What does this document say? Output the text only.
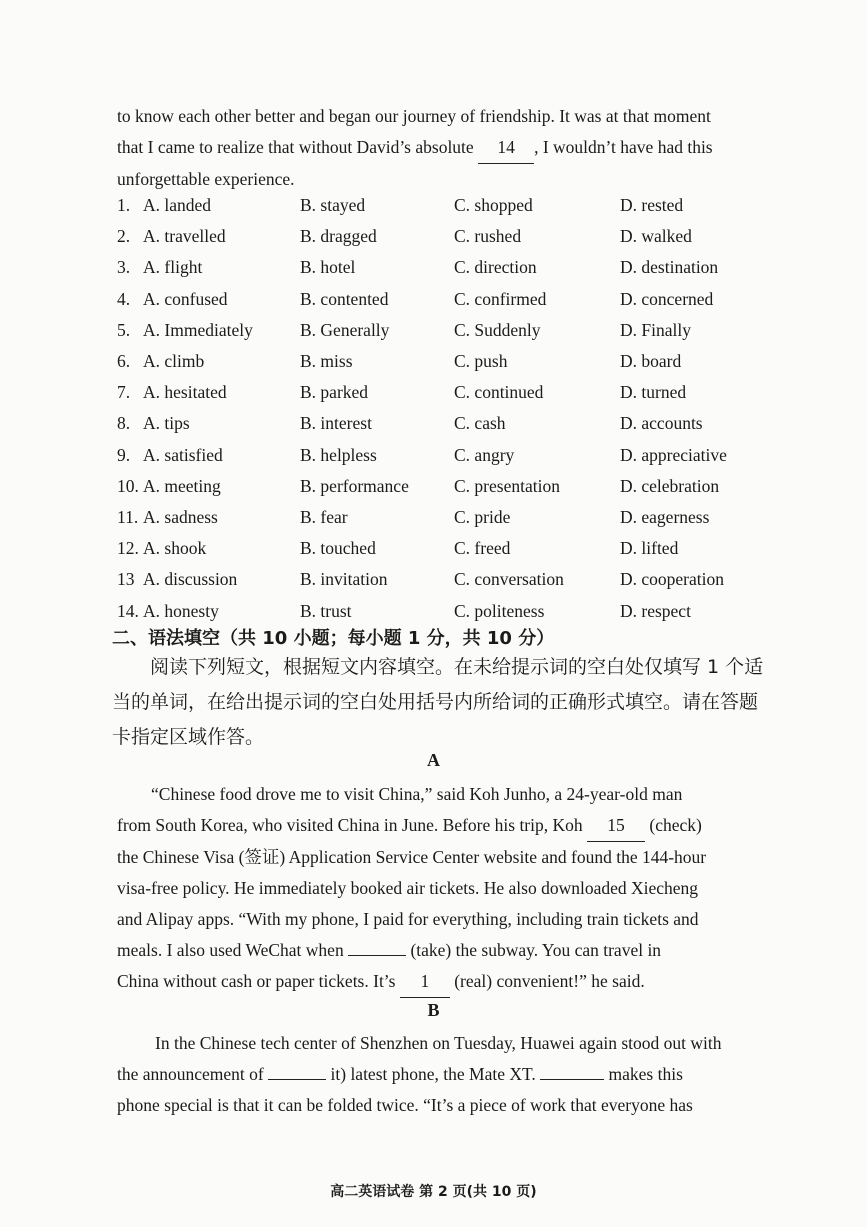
to know each other better and began our journey of friendship. It was at that moment
that I came to realize that without David’s absolute 14 , I wouldn’t have had this
unforgettable experience.
1. A. landed	B. stayed	C. shopped	D. rested
2. A. travelled	B. dragged	C. rushed	D. walked
3. A. flight	B. hotel	C. direction	D. destination
4. A. confused	B. contented	C. confirmed	D. concerned
5. A. Immediately	B. Generally	C. Suddenly	D. Finally
6. A. climb	B. miss	C. push	D. board
7. A. hesitated	B. parked	C. continued	D. turned
8. A. tips	B. interest	C. cash	D. accounts
9. A. satisfied	B. helpless	C. angry	D. appreciative
10. A. meeting	B. performance	C. presentation	D. celebration
11. A. sadness	B. fear	C. pride	D. eagerness
12. A. shook	B. touched	C. freed	D. lifted
13 A. discussion	B. invitation	C. conversation	D. cooperation
14. A. honesty	B. trust	C. politeness	D. respect
二、语法填空（共 10 小题；每小题 1 分，共 10 分）
阅读下列短文，根据短文内容填空。在未给提示词的空白处仅填写 1 个适
当的单词，在给出提示词的空白处用括号内所给词的正确形式填空。请在答题
卡指定区域作答。
A
“Chinese food drove me to visit China,” said Koh Junho, a 24-year-old man
from South Korea, who visited China in June. Before his trip, Koh 15 (check)
the Chinese Visa (签证) Application Service Center website and found the 144-hour
visa-free policy. He immediately booked air tickets. He also downloaded Xiecheng
and Alipay apps. “With my phone, I paid for everything, including train tickets and
meals. I also used WeChat when	(take) the subway. You can travel in
China without cash or paper tickets. It’s 1 (real) convenient!” he said.
B
In the Chinese tech center of Shenzhen on Tuesday, Huawei again stood out with
the announcement of	it) latest phone, the Mate XT.	makes this
phone special is that it can be folded twice. “It’s a piece of work that everyone has
高二英语试卷 第 2 页(共 10 页)
